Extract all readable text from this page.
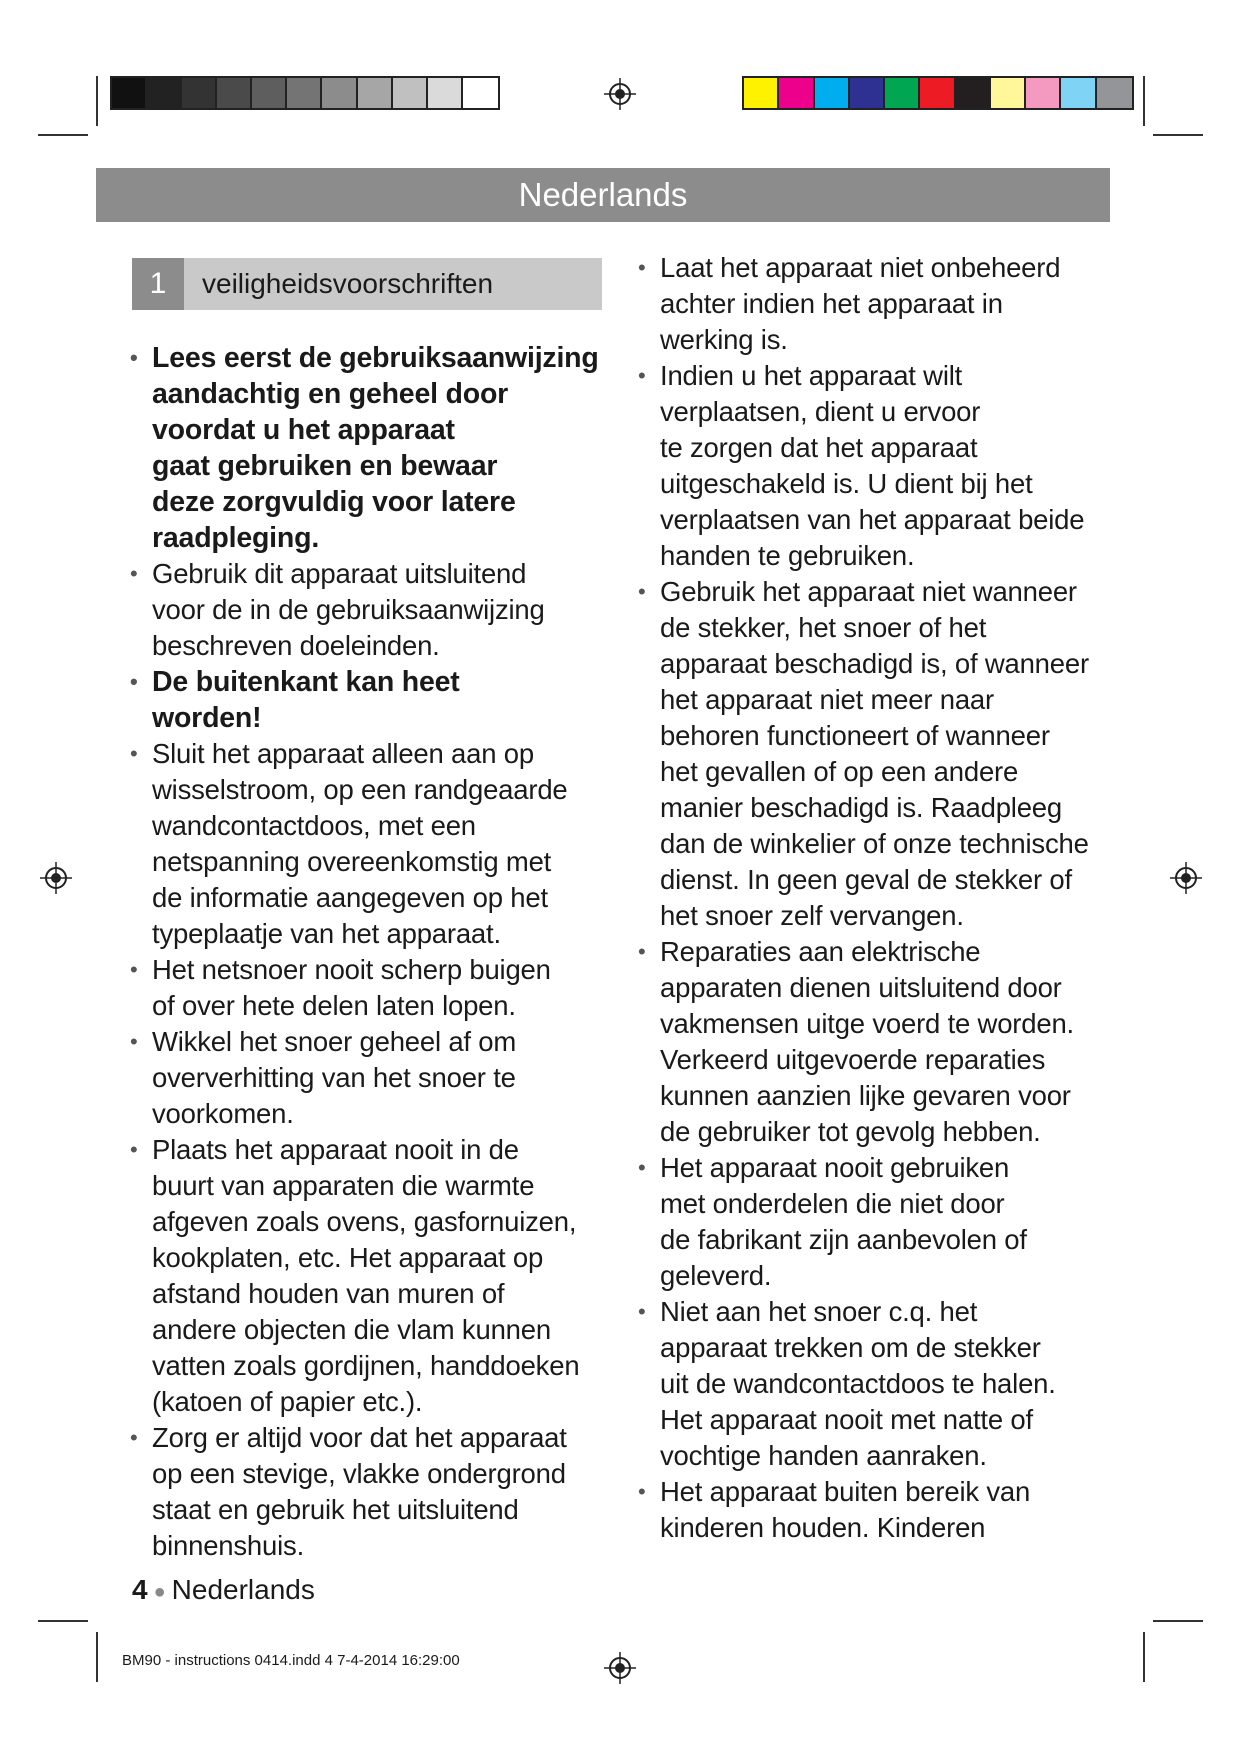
Nederlands
1	veiligheidsvoorschriften
• Lees eerst de gebruiksaanwijzing
aandachtig en geheel door
voordat u het apparaat
gaat gebruiken en bewaar
deze zorgvuldig voor latere
raadpleging.
• Gebruik dit apparaat uitsluitend
voor de in de gebruiksaanwijzing
beschreven doeleinden.
• De buitenkant kan heet
worden!
• Sluit het apparaat alleen aan op
wisselstroom, op een randgeaarde
wandcontactdoos, met een
netspanning overeenkomstig met
de informatie aangegeven op het
typeplaatje van het apparaat.
• Het netsnoer nooit scherp buigen
of over hete delen laten lopen.
• Wikkel het snoer geheel af om
oververhitting van het snoer te
voorkomen.
• Plaats het apparaat nooit in de
buurt van apparaten die warmte
afgeven zoals ovens, gasfornuizen,
kookplaten, etc. Het apparaat op
afstand houden van muren of
andere objecten die vlam kunnen
vatten zoals gordijnen, handdoeken
(katoen of papier etc.).
• Zorg er altijd voor dat het apparaat
op een stevige, vlakke ondergrond
staat en gebruik het uitsluitend
binnenshuis.
• Laat het apparaat niet onbeheerd
achter indien het apparaat in
werking is.
• Indien u het apparaat wilt
verplaatsen, dient u ervoor
te zorgen dat het apparaat
uitgeschakeld is. U dient bij het
verplaatsen van het apparaat beide
handen te gebruiken.
• Gebruik het apparaat niet wanneer
de stekker, het snoer of het
apparaat beschadigd is, of wanneer
het apparaat niet meer naar
behoren functioneert of wanneer
het gevallen of op een andere
manier beschadigd is. Raadpleeg
dan de winkelier of onze technische
dienst. In geen geval de stekker of
het snoer zelf vervangen.
• Reparaties aan elektrische
apparaten dienen uitsluitend door
vakmensen uitge voerd te worden.
Verkeerd uitgevoerde reparaties
kunnen aanzien lijke gevaren voor
de gebruiker tot gevolg hebben.
• Het apparaat nooit gebruiken
met onderdelen die niet door
de fabrikant zijn aanbevolen of
geleverd.
• Niet aan het snoer c.q. het
apparaat trekken om de stekker
uit de wandcontactdoos te halen.
Het apparaat nooit met natte of
vochtige handen aanraken.
• Het apparaat buiten bereik van
kinderen houden. Kinderen
4 ● Nederlands
BM90 - instructions 0414.indd 4 7-4-2014 16:29:00
